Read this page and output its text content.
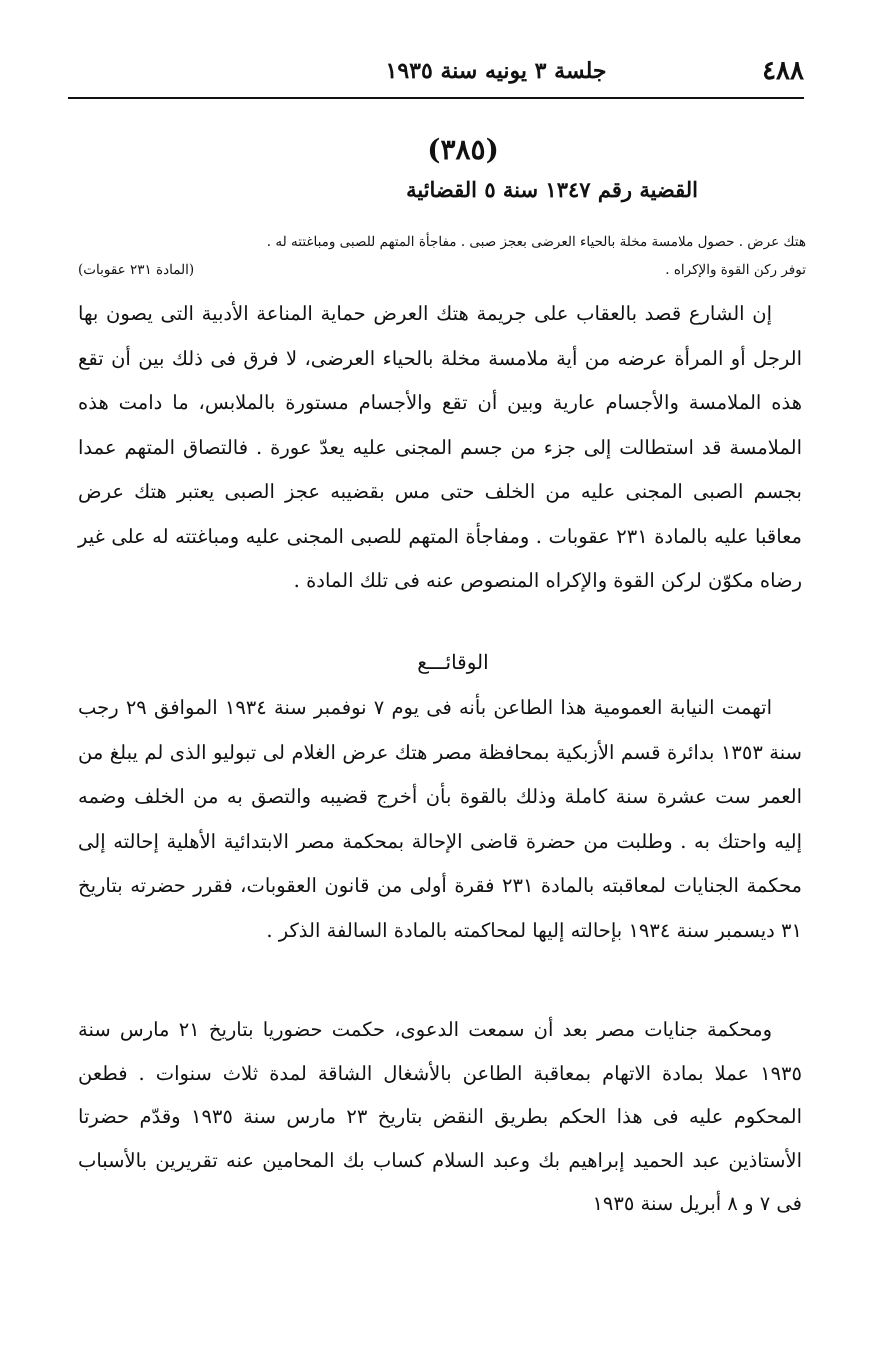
٤٨٨
جلسة ٣ يونيه سنة ١٩٣٥
(٣٨٥)
القضية رقم ١٣٤٧ سنة ٥ القضائية
هتك عرض . حصول ملامسة مخلة بالحياء العرضى بعجز صبى . مفاجأة المتهم للصبى ومباغتته له .
توفر ركن القوة والإكراه .
(المادة ٢٣١ عقوبات)

إن الشارع قصد بالعقاب على جريمة هتك العرض حماية المناعة الأدبية التى يصون بها الرجل أو المرأة عرضه من أية ملامسة مخلة بالحياء العرضى، لا فرق فى ذلك بين أن تقع هذه الملامسة والأجسام عارية وبين أن تقع والأجسام مستورة بالملابس، ما دامت هذه الملامسة قد استطالت إلى جزء من جسم المجنى عليه يعدّ عورة . فالتصاق المتهم عمدا بجسم الصبى المجنى عليه من الخلف حتى مس بقضيبه عجز الصبى يعتبر هتك عرض معاقبا عليه بالمادة ٢٣١ عقوبات . ومفاجأة المتهم للصبى المجنى عليه ومباغتته له على غير رضاه مكوّن لركن القوة والإكراه المنصوص عنه فى تلك المادة .

الوقائـــع

اتهمت النيابة العمومية هذا الطاعن بأنه فى يوم ٧ نوفمبر سنة ١٩٣٤ الموافق ٢٩ رجب سنة ١٣٥٣ بدائرة قسم الأزبكية بمحافظة مصر هتك عرض الغلام لى تبوليو الذى لم يبلغ من العمر ست عشرة سنة كاملة وذلك بالقوة بأن أخرج قضيبه والتصق به من الخلف وضمه إليه واحتك به . وطلبت من حضرة قاضى الإحالة بمحكمة مصر الابتدائية الأهلية إحالته إلى محكمة الجنايات لمعاقبته بالمادة ٢٣١ فقرة أولى من قانون العقوبات، فقرر حضرته بتاريخ ٣١ ديسمبر سنة ١٩٣٤ بإحالته إليها لمحاكمته بالمادة السالفة الذكر .

ومحكمة جنايات مصر بعد أن سمعت الدعوى، حكمت حضوريا بتاريخ ٢١ مارس سنة ١٩٣٥ عملا بمادة الاتهام بمعاقبة الطاعن بالأشغال الشاقة لمدة ثلاث سنوات . فطعن المحكوم عليه فى هذا الحكم بطريق النقض بتاريخ ٢٣ مارس سنة ١٩٣٥ وقدّم حضرتا الأستاذين عبد الحميد إبراهيم بك وعبد السلام كساب بك المحامين عنه تقريرين بالأسباب فى ٧ و ٨ أبريل سنة ١٩٣٥
